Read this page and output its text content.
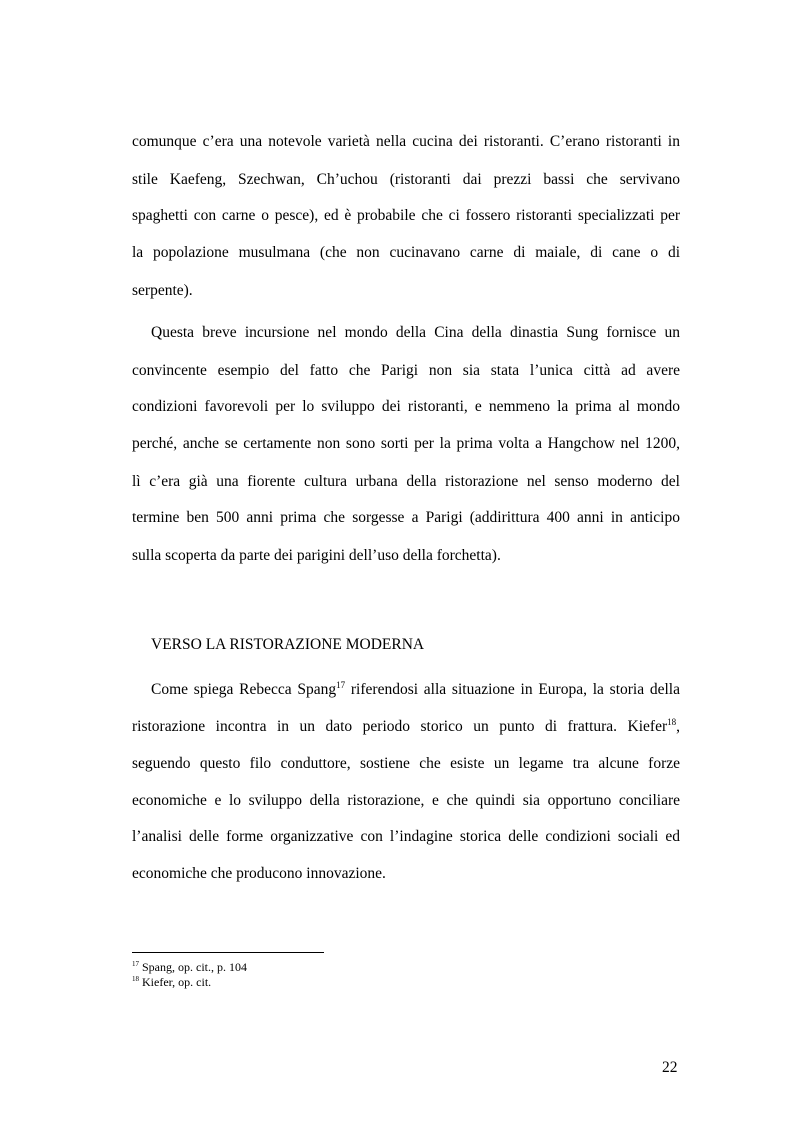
comunque c’era una notevole varietà nella cucina dei ristoranti. C’erano ristoranti in
stile Kaefeng, Szechwan, Ch’uchou (ristoranti dai prezzi bassi che servivano
spaghetti con carne o pesce), ed è probabile che ci fossero ristoranti specializzati per
la popolazione musulmana (che non cucinavano carne di maiale, di cane o di
serpente).
Questa breve incursione nel mondo della Cina della dinastia Sung fornisce un
convincente esempio del fatto che Parigi non sia stata l’unica città ad avere
condizioni favorevoli per lo sviluppo dei ristoranti, e nemmeno la prima al mondo
perché, anche se certamente non sono sorti per la prima volta a Hangchow nel 1200,
lì c’era già una fiorente cultura urbana della ristorazione nel senso moderno del
termine ben 500 anni prima che sorgesse a Parigi (addirittura 400 anni in anticipo
sulla scoperta da parte dei parigini dell’uso della forchetta).
VERSO LA RISTORAZIONE MODERNA
Come spiega Rebecca Spang$^{17}$ riferendosi alla situazione in Europa, la storia della
ristorazione incontra in un dato periodo storico un punto di frattura. Kiefer$^{18}$,
seguendo questo filo conduttore, sostiene che esiste un legame tra alcune forze
economiche e lo sviluppo della ristorazione, e che quindi sia opportuno conciliare
l’analisi delle forme organizzative con l’indagine storica delle condizioni sociali ed
economiche che producono innovazione.
$^{17}$ Spang, op. cit., p. 104
$^{18}$ Kiefer, op. cit.
22
